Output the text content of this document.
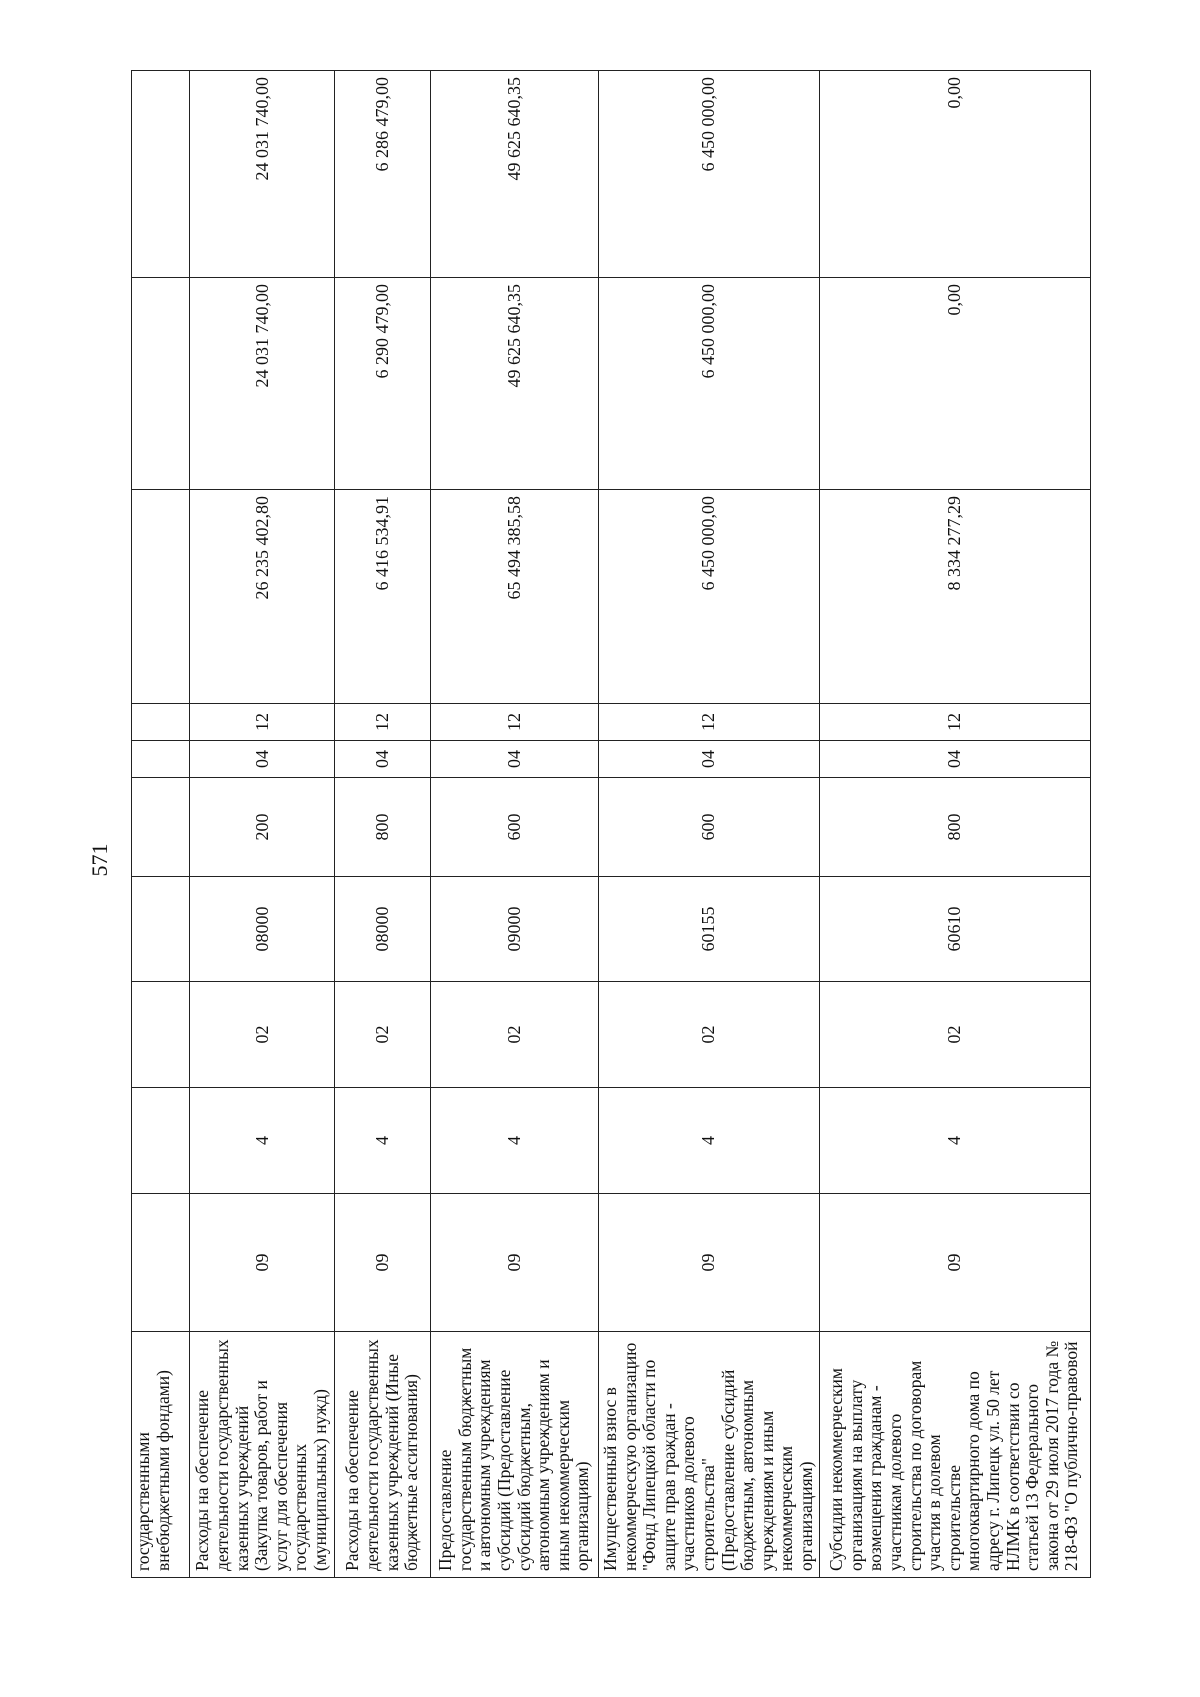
571
государственными внебюджетными фондами)										
Расходы на обеспечение деятельности государственных казенных учреждений (Закупка товаров, работ и услуг для обеспечения государственных (муниципальных) нужд)	09	4	02	08000	200	04	12	26 235 402,80	24 031 740,00	24 031 740,00
Расходы на обеспечение деятельности государственных казенных учреждений (Иные бюджетные ассигнования)	09	4	02	08000	800	04	12	6 416 534,91	6 290 479,00	6 286 479,00
Предоставление государственным бюджетным и автономным учреждениям субсидий (Предоставление субсидий бюджетным, автономным учреждениям и иным некоммерческим организациям)	09	4	02	09000	600	04	12	65 494 385,58	49 625 640,35	49 625 640,35
Имущественный взнос в некоммерческую организацию "Фонд Липецкой области по защите прав граждан - участников долевого строительства" (Предоставление субсидий бюджетным, автономным учреждениям и иным некоммерческим организациям)	09	4	02	60155	600	04	12	6 450 000,00	6 450 000,00	6 450 000,00
Субсидии некоммерческим организациям на выплату возмещения гражданам - участникам долевого строительства по договорам участия в долевом строительстве многоквартирного дома по адресу г. Липецк ул. 50 лет НЛМК в соответствии со статьей 13 Федерального закона от 29 июля 2017 года № 218-ФЗ "О публично-правовой	09	4	02	60610	800	04	12	8 334 277,29	0,00	0,00
